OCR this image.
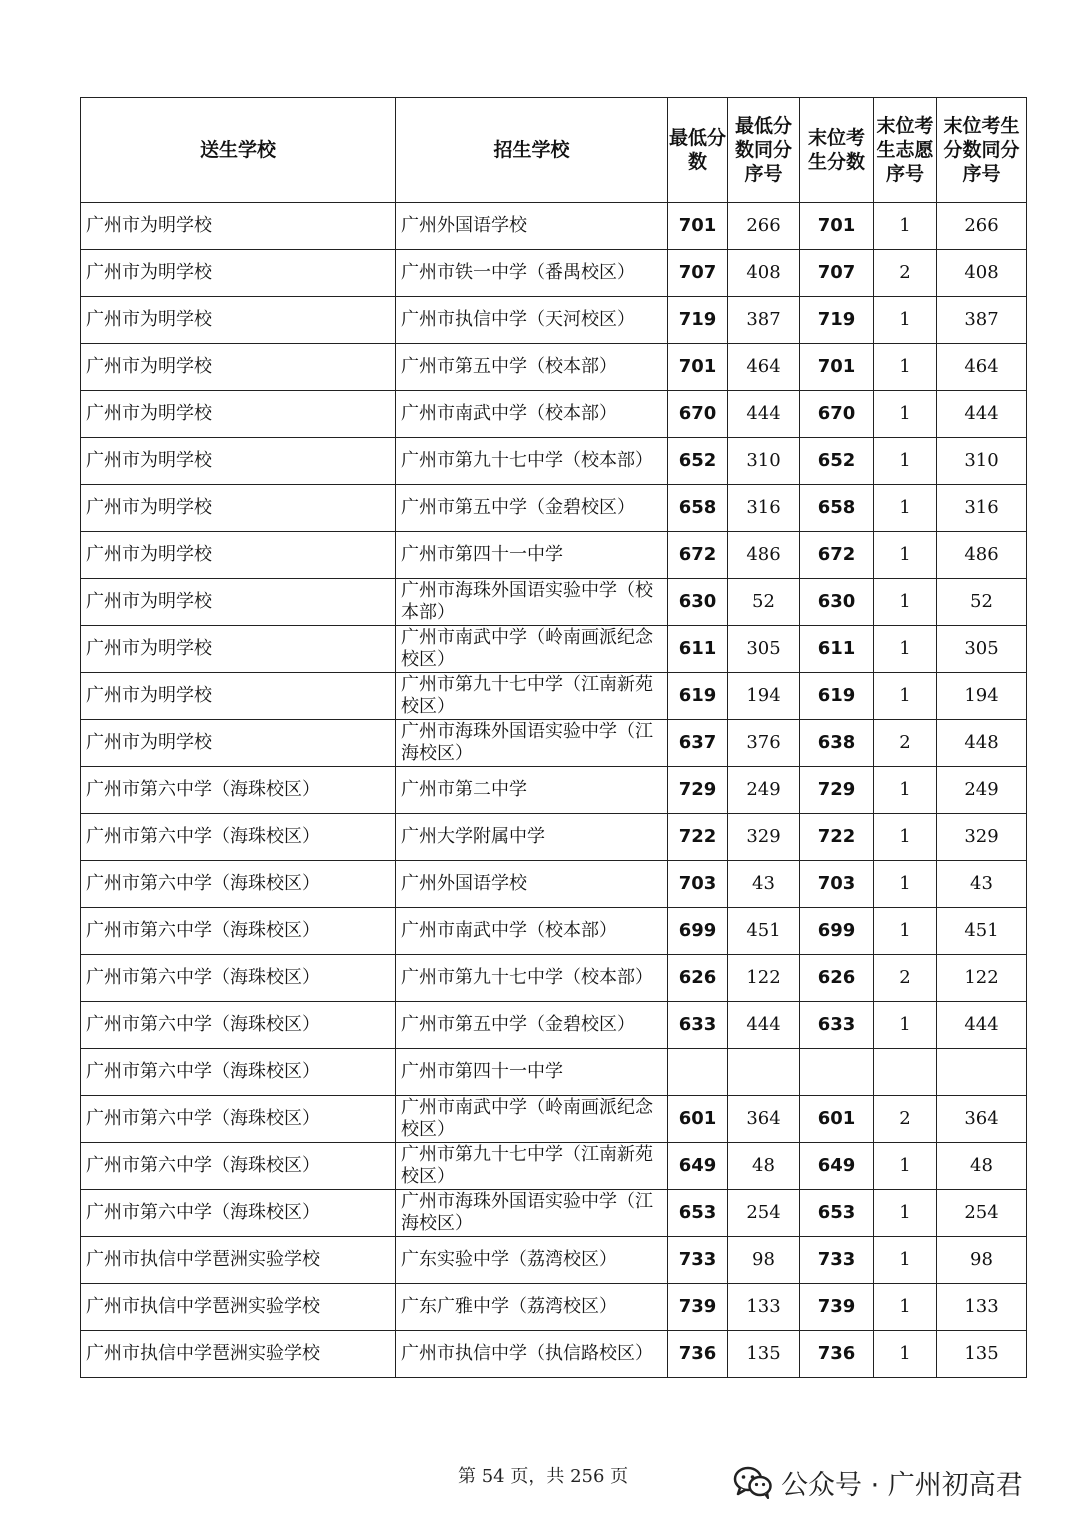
送生学校	招生学校	最低分数	最低分数同分序号	末位考生分数	末位考生志愿序号	末位考生分数同分序号
广州市为明学校	广州外国语学校	701	266	701	1	266
广州市为明学校	广州市铁一中学（番禺校区）	707	408	707	2	408
广州市为明学校	广州市执信中学（天河校区）	719	387	719	1	387
广州市为明学校	广州市第五中学（校本部）	701	464	701	1	464
广州市为明学校	广州市南武中学（校本部）	670	444	670	1	444
广州市为明学校	广州市第九十七中学（校本部）	652	310	652	1	310
广州市为明学校	广州市第五中学（金碧校区）	658	316	658	1	316
广州市为明学校	广州市第四十一中学	672	486	672	1	486
广州市为明学校	广州市海珠外国语实验中学（校本部）	630	52	630	1	52
广州市为明学校	广州市南武中学（岭南画派纪念校区）	611	305	611	1	305
广州市为明学校	广州市第九十七中学（江南新苑校区）	619	194	619	1	194
广州市为明学校	广州市海珠外国语实验中学（江海校区）	637	376	638	2	448
广州市第六中学（海珠校区）	广州市第二中学	729	249	729	1	249
广州市第六中学（海珠校区）	广州大学附属中学	722	329	722	1	329
广州市第六中学（海珠校区）	广州外国语学校	703	43	703	1	43
广州市第六中学（海珠校区）	广州市南武中学（校本部）	699	451	699	1	451
广州市第六中学（海珠校区）	广州市第九十七中学（校本部）	626	122	626	2	122
广州市第六中学（海珠校区）	广州市第五中学（金碧校区）	633	444	633	1	444
广州市第六中学（海珠校区）	广州市第四十一中学					
广州市第六中学（海珠校区）	广州市南武中学（岭南画派纪念校区）	601	364	601	2	364
广州市第六中学（海珠校区）	广州市第九十七中学（江南新苑校区）	649	48	649	1	48
广州市第六中学（海珠校区）	广州市海珠外国语实验中学（江海校区）	653	254	653	1	254
广州市执信中学琶洲实验学校	广东实验中学（荔湾校区）	733	98	733	1	98
广州市执信中学琶洲实验学校	广东广雅中学（荔湾校区）	739	133	739	1	133
广州市执信中学琶洲实验学校	广州市执信中学（执信路校区）	736	135	736	1	135
第 54 页，共 256 页	公众号 · 广州初高君
